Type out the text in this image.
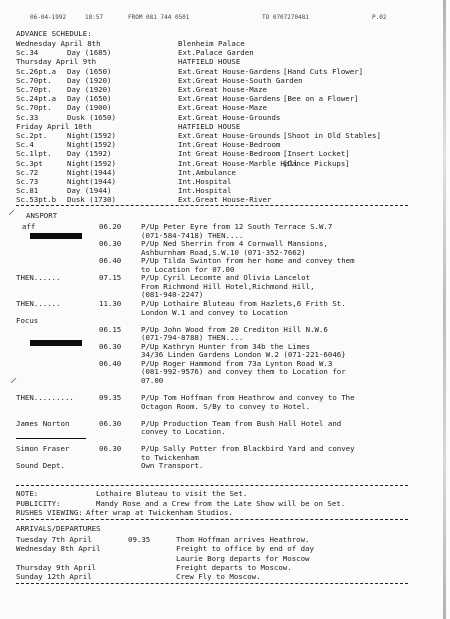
06-04-1992	18:57	FROM 081 744 0501	TO 0707270481	P.02
ADVANCE SCHEDULE:
Wednesday April 8th	Blenheim Palace
Sc.34	Day (1685)	Ext.Palace Garden
Thursday April 9th	HATFIELD HOUSE
Sc.26pt.a Day (1650)	Ext.Great House-Gardens [Hand Cuts Flower]
Sc.70pt. Day (1920)	Ext.Great House-South Garden
Sc.70pt. Day (1920)	Ext.Great house-Maze
Sc.24pt.a Day (1650)	Ext.Great House-Gardens [Bee on a Flower]
Sc.70pt. Day (1900)	Ext.Great House-Maze
Sc.33	Dusk (1650)	Ext.Great House-Grounds
Friday April 10th	HATFIELD HOUSE
Sc.2pt.	Night(1592)	Ext.Great House-Grounds [Shoot in Old Stables]
Sc.4	Night(1592)	Int.Great House-Bedroom
Sc.1lpt. Day (1592)	Int Great House-Bedroom [Insert Locket]
Sc.3pt	Night(1592)	Int.Great House-Marble Hall
[Dance Pickups]
Sc.72	Night(1944)	Int.Ambulance
Sc.73	Night(1944)	Int.Hospital
Sc.81	Day (1944)	Int.Hospital
Sc.53pt.b Dusk (1730)	Ext.Great House-River
⸝
⸝
ANSPORT
aff	06.20	P/Up Peter Eyre from 12 South Terrace S.W.7
(071-584-7418) THEN....
06.30	P/Up Ned Sherrin from 4 Cornwall Mansions,
Ashburnham Road,S.W.10 (071-352-7662)
06.40	P/Up Tilda Swinton from her home and convey them
to Location for 07.00
THEN......	07.15	P/Up Cyril Lecomte and Olivia Lancelot
From Richmond Hill Hotel,Richmond Hill,
(081-940-2247)
THEN......	11.30	P/Up Lothaire Bluteau from Hazlets,6 Frith St.
London W.1 and convey to Location
Focus
06.15	P/Up John Wood from 20 Crediton Hill N.W.6
(071-794-8788) THEN....
06.30	P/Up Kathryn Hunter from 34b the Limes
34/36 Linden Gardens London W.2 (071-221-6046}
06.40	P/Up Roger Hammond from 73a Lynton Road W.3
(081-992-9576) and convey them to Location for
07.00
THEN.........	09.35	P/Up Tom Hoffman from Heathrow and convey to The
Octagon Room. S/By to convey to Hotel.
James Norton	06.30	P/Up Production Team from Bush Hall Hotel and
convey to Location.
Simon Fraser	06.30	P/Up Sally Potter from Blackbird Yard and convey
to Twickenham
Sound Dept.	Own Transport.
NOTE:	Lothaire Bluteau to visit the Set.
PUBLICITY:	Mandy Rose and a Crew from the Late Show will be on Set.
RUSHES VIEWING: After wrap at Twickenham Studios.
ARRIVALS/DEPARTURES
Tuesday 7th April	09.35	Thom Hoffman arrives Heathrow.
Wednesday 8th April	Freight to office by end of day
Laurie Borg departs for Moscow
Thursday 9th April	Freight departs to Moscow.
Sunday 12th April	Crew Fly to Moscow.
